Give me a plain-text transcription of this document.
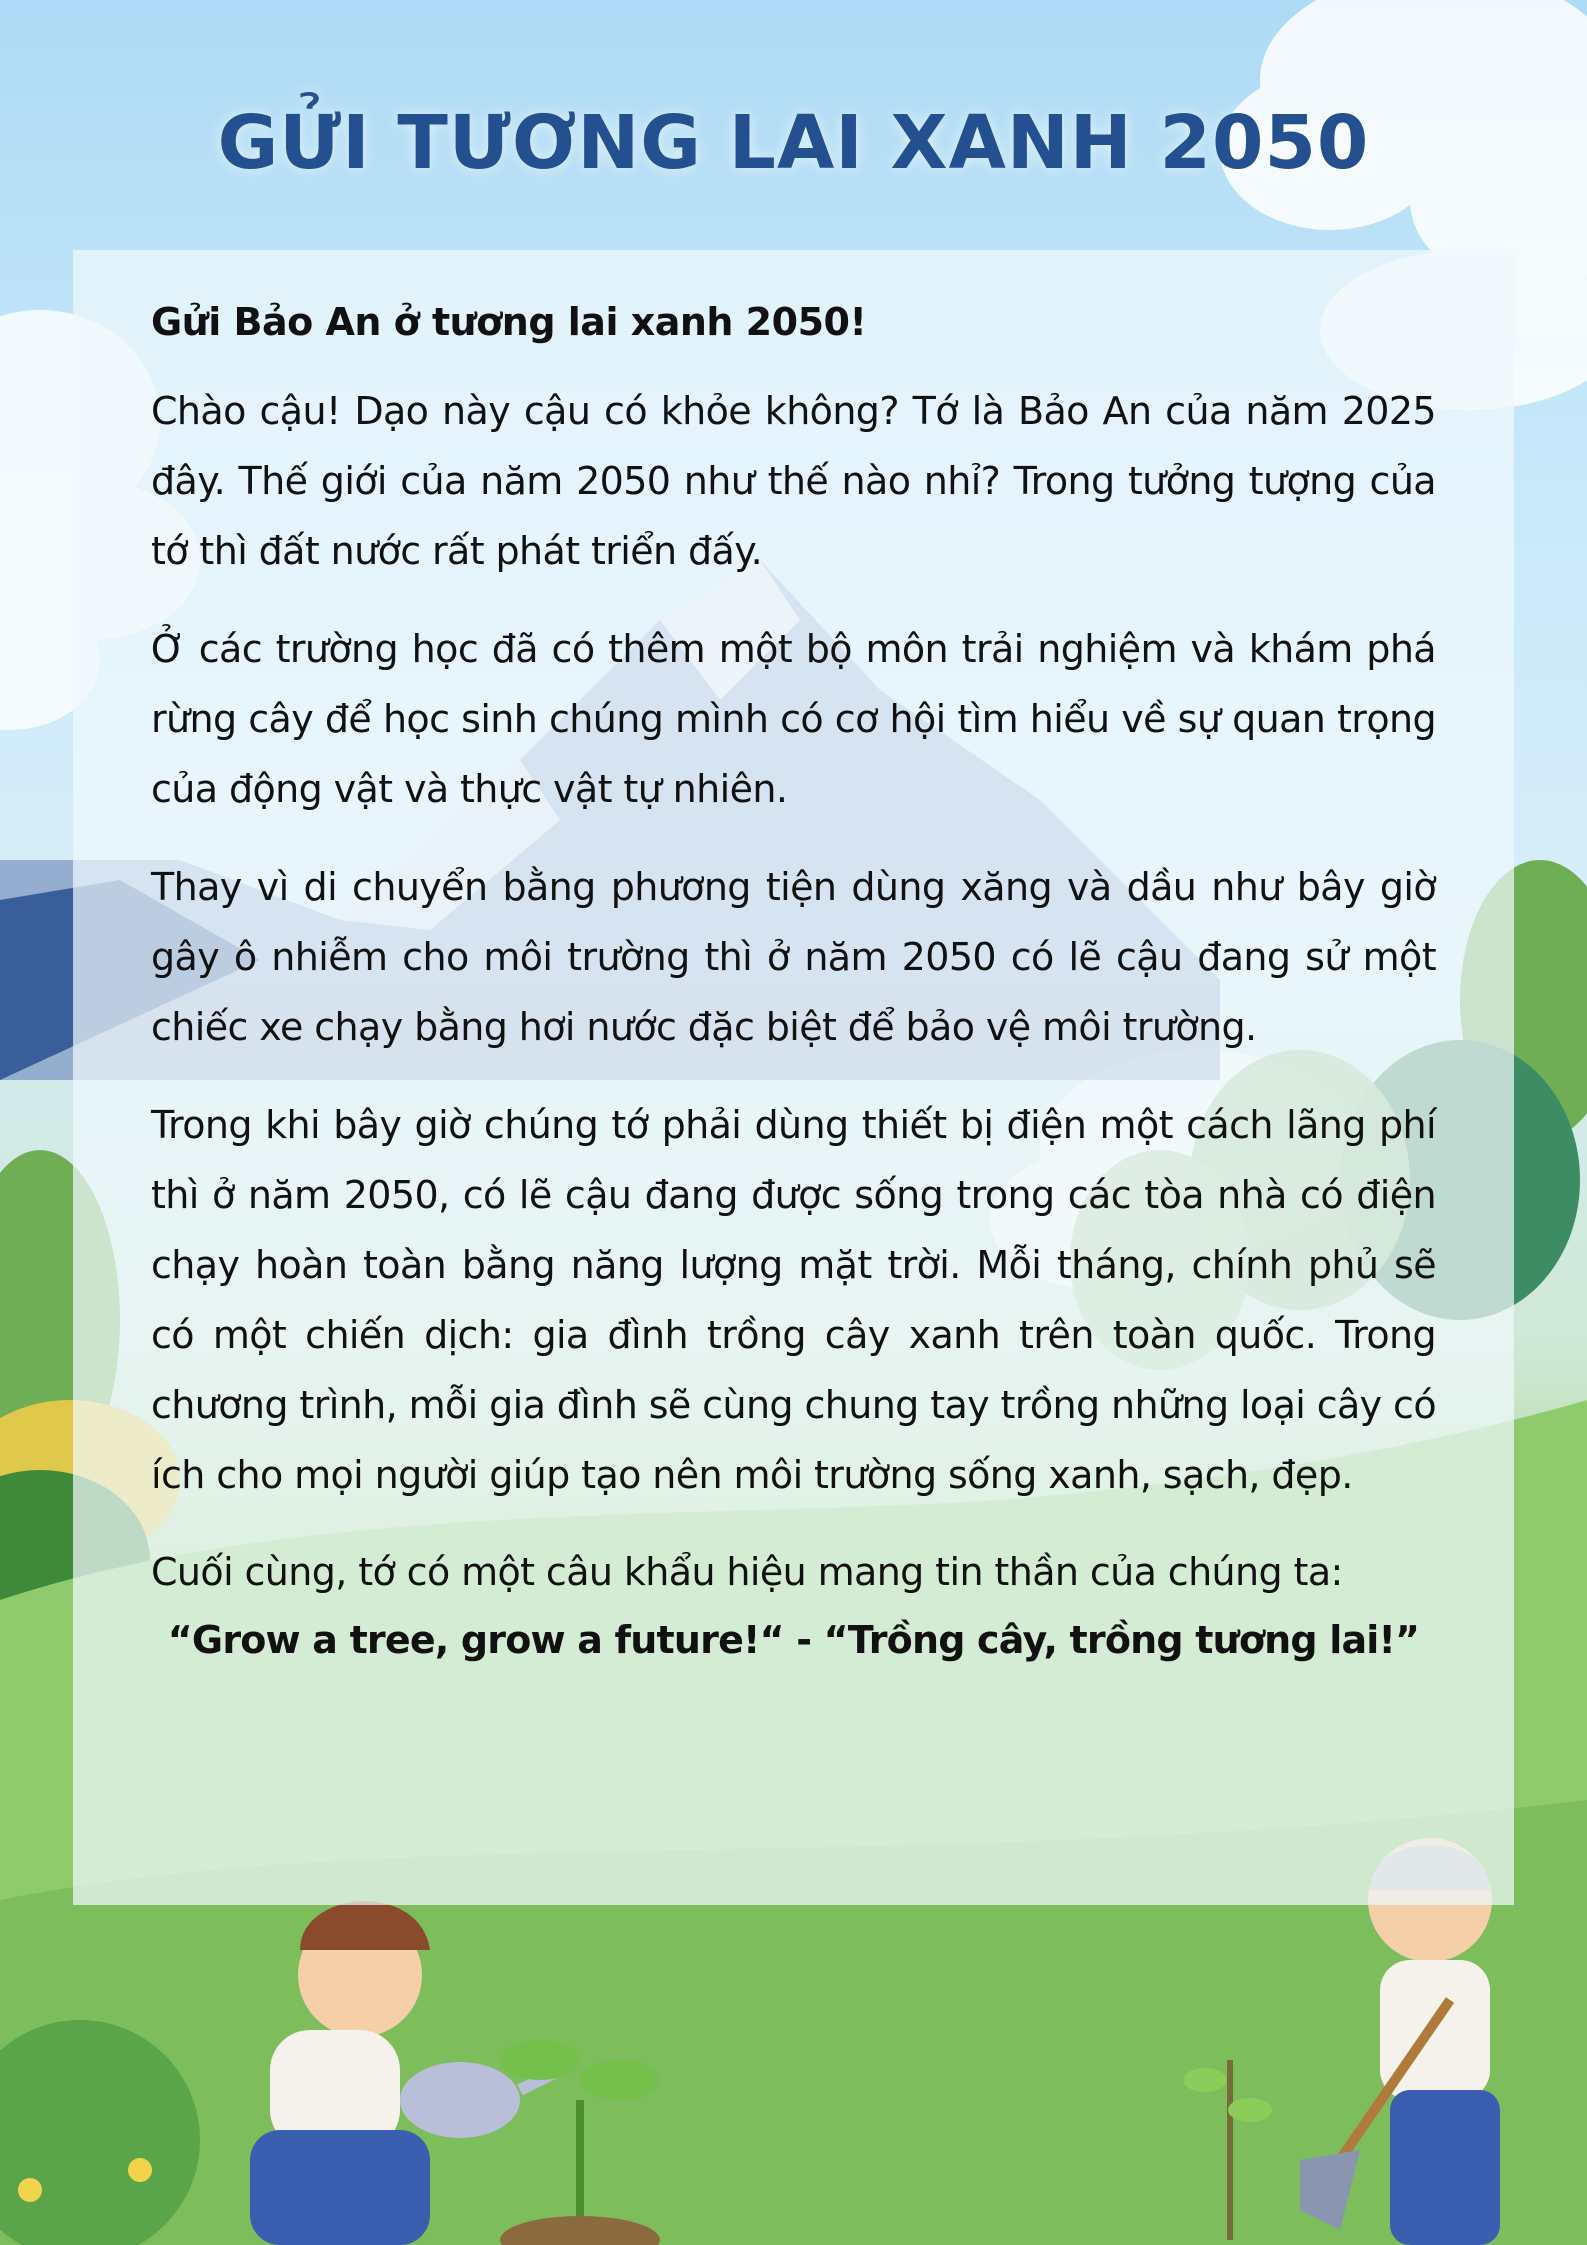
GỬI TƯƠNG LAI XANH 2050

Gửi Bảo An ở tương lai xanh 2050!

Chào cậu! Dạo này cậu có khỏe không? Tớ là Bảo An của năm 2025 đây. Thế giới của năm 2050 như thế nào nhỉ? Trong tưởng tượng của tớ thì đất nước rất phát triển đấy.

Ở các trường học đã có thêm một bộ môn trải nghiệm và khám phá rừng cây để học sinh chúng mình có cơ hội tìm hiểu về sự quan trọng của động vật và thực vật tự nhiên.

Thay vì di chuyển bằng phương tiện dùng xăng và dầu như bây giờ gây ô nhiễm cho môi trường thì ở năm 2050 có lẽ cậu đang sử một chiếc xe chạy bằng hơi nước đặc biệt để bảo vệ môi trường.

Trong khi bây giờ chúng tớ phải dùng thiết bị điện một cách lãng phí thì ở năm 2050, có lẽ cậu đang được sống trong các tòa nhà có điện chạy hoàn toàn bằng năng lượng mặt trời. Mỗi tháng, chính phủ sẽ có một chiến dịch: gia đình trồng cây xanh trên toàn quốc. Trong chương trình, mỗi gia đình sẽ cùng chung tay trồng những loại cây có ích cho mọi người giúp tạo nên môi trường sống xanh, sạch, đẹp.

Cuối cùng, tớ có một câu khẩu hiệu mang tin thần của chúng ta:

“Grow a tree, grow a future!“ - “Trồng cây, trồng tương lai!”
